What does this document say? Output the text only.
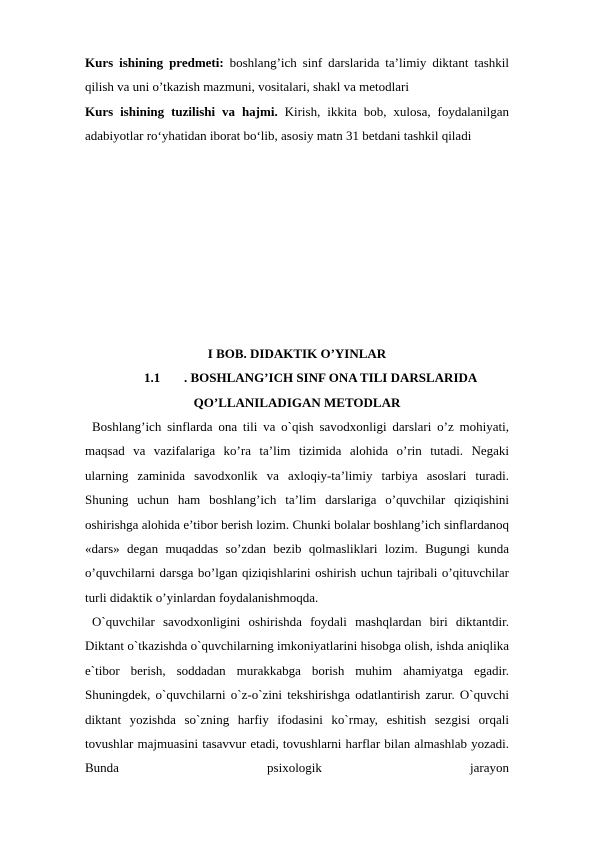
Kurs ishining predmeti: boshlang’ich sinf darslarida ta’limiy diktant tashkil qilish va uni o’tkazish mazmuni, vositalari, shakl va metodlari

Kurs ishining tuzilishi va hajmi. Kirish, ikkita bob, xulosa, foydalanilgan adabiyotlar ro‘yhatidan iborat bo‘lib, asosiy matn 31 betdani tashkil qiladi

I BOB. DIDAKTIK O’YINLAR
1.1 . BOSHLANG’ICH SINF ONA TILI DARSLARIDA
QO’LLANILADIGAN METODLAR

Boshlang’ich sinflarda ona tili va o`qish savodxonligi darslari o’z mohiyati, maqsad va vazifalariga ko’ra ta’lim tizimida alohida o’rin tutadi. Negaki ularning zaminida savodxonlik va axloqiy-ta’limiy tarbiya asoslari turadi. Shuning uchun ham boshlang’ich ta’lim darslariga o’quvchilar qiziqishini oshirishga alohida e’tibor berish lozim. Chunki bolalar boshlang’ich sinflardanoq «dars» degan muqaddas so’zdan bezib qolmasliklari lozim. Bugungi kunda o’quvchilarni darsga bo’lgan qiziqishlarini oshirish uchun tajribali o’qituvchilar turli didaktik o’yinlardan foydalanishmoqda.

O`quvchilar savodxonligini oshirishda foydali mashqlardan biri diktantdir. Diktant o`tkazishda o`quvchilarning imkoniyatlarini hisobga olish, ishda aniqlika e`tibor berish, soddadan murakkabga borish muhim ahamiyatga egadir. Shuningdek, o`quvchilarni o`z-o`zini tekshirishga odatlantirish zarur. O`quvchi diktant yozishda so`zning harfiy ifodasini ko`rmay, eshitish sezgisi orqali tovushlar majmuasini tasavvur etadi, tovushlarni harflar bilan almashlab yozadi. Bunda psixologik jarayon
